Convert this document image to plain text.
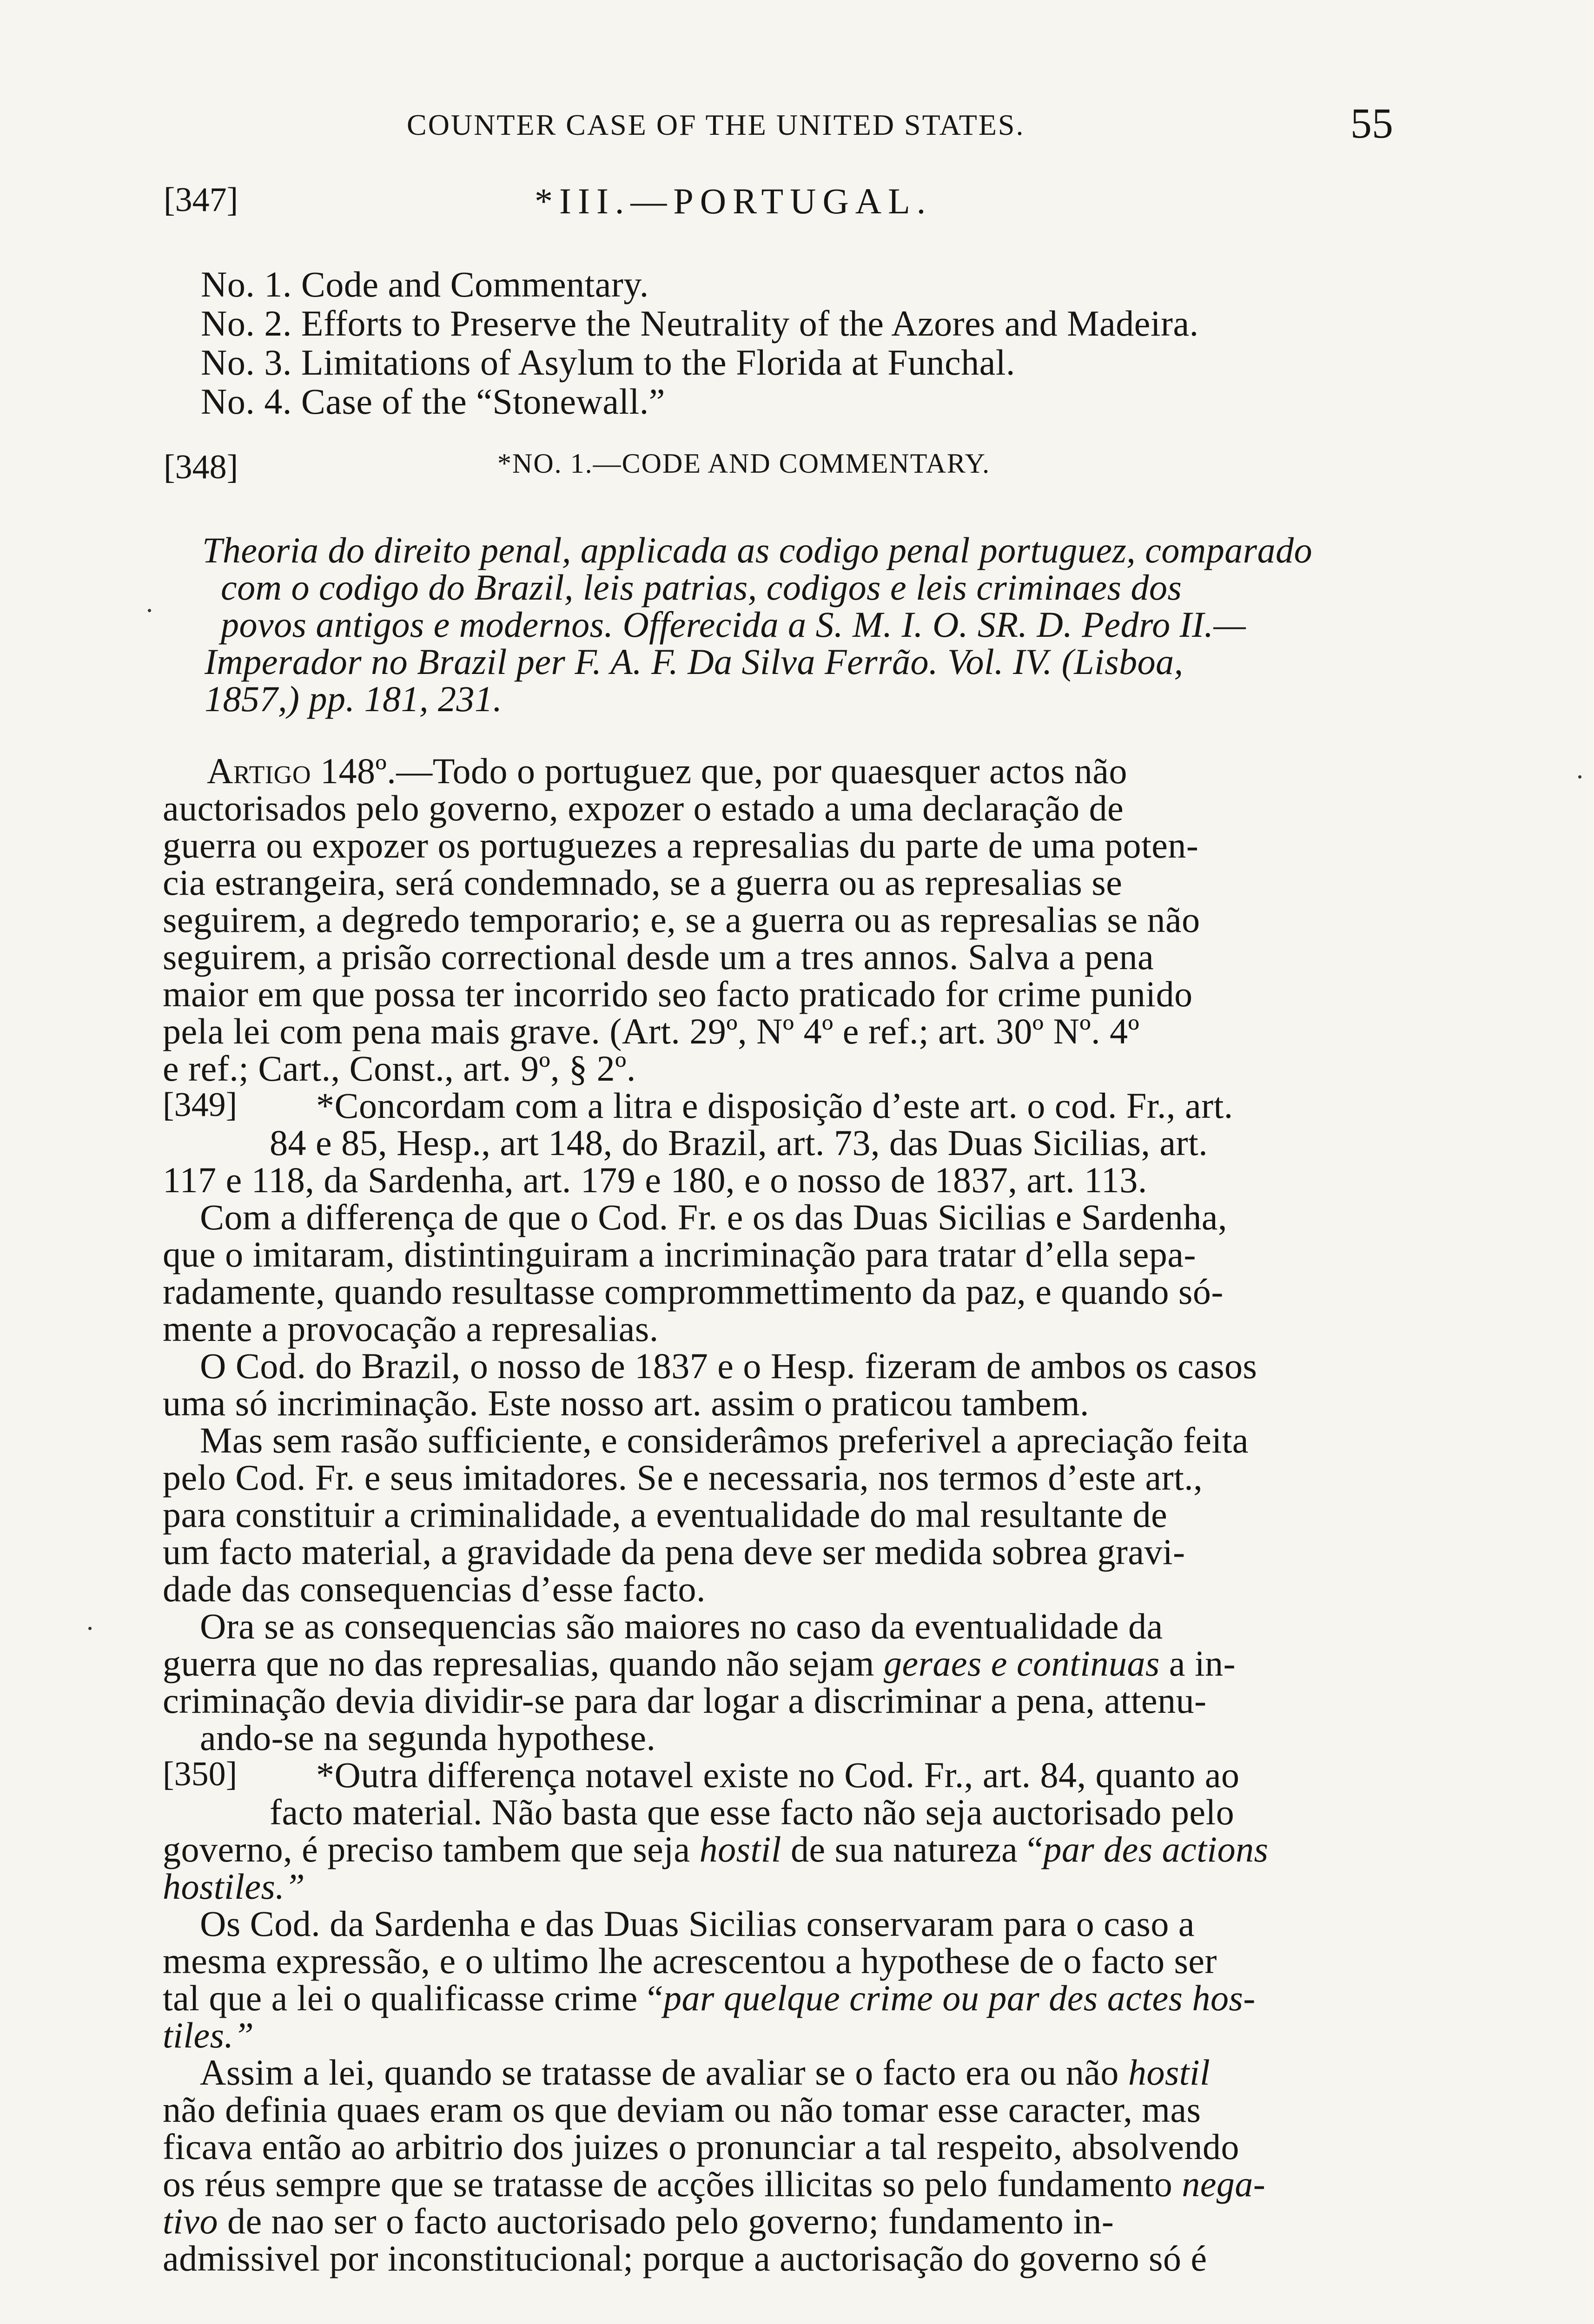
COUNTER CASE OF THE UNITED STATES.	55
[347]	*III.—PORTUGAL.
No. 1. Code and Commentary.
No. 2. Efforts to Preserve the Neutrality of the Azores and Madeira.
No. 3. Limitations of Asylum to the Florida at Funchal.
No. 4. Case of the “Stonewall.”
[348]	*NO. 1.—CODE AND COMMENTARY.
Theoria do direito penal, applicada as codigo penal portuguez, comparado
com o codigo do Brazil, leis patrias, codigos e leis criminaes dos
povos antigos e modernos. Offerecida a S. M. I. O. SR. D. Pedro II.—
Imperador no Brazil per F. A. F. Da Silva Ferrão. Vol. IV. (Lisboa,
1857,) pp. 181, 231.
Artigo 148º.—Todo o portuguez que, por quaesquer actos não
auctorisados pelo governo, expozer o estado a uma declaração de
guerra ou expozer os portuguezes a represalias du parte de uma poten-
cia estrangeira, será condemnado, se a guerra ou as represalias se
seguirem, a degredo temporario; e, se a guerra ou as represalias se não
seguirem, a prisão correctional desde um a tres annos. Salva a pena
maior em que possa ter incorrido seo facto praticado for crime punido
pela lei com pena mais grave. (Art. 29º, Nº 4º e ref.; art. 30º Nº. 4º
e ref.; Cart., Const., art. 9º, § 2º.
[349] *Concordam com a litra e disposição d’este art. o cod. Fr., art.
84 e 85, Hesp., art 148, do Brazil, art. 73, das Duas Sicilias, art.
117 e 118, da Sardenha, art. 179 e 180, e o nosso de 1837, art. 113.
Com a differença de que o Cod. Fr. e os das Duas Sicilias e Sardenha,
que o imitaram, distintinguiram a incriminação para tratar d’ella sepa-
radamente, quando resultasse comprommettimento da paz, e quando só-
mente a provocação a represalias.
O Cod. do Brazil, o nosso de 1837 e o Hesp. fizeram de ambos os casos
uma só incriminação. Este nosso art. assim o praticou tambem.
Mas sem rasão sufficiente, e considerâmos preferivel a apreciação feita
pelo Cod. Fr. e seus imitadores. Se e necessaria, nos termos d’este art.,
para constituir a criminalidade, a eventualidade do mal resultante de
um facto material, a gravidade da pena deve ser medida sobrea gravi-
dade das consequencias d’esse facto.
Ora se as consequencias são maiores no caso da eventualidade da
guerra que no das represalias, quando não sejam geraes e continuas a in-
criminação devia dividir-se para dar logar a discriminar a pena, attenu-
ando-se na segunda hypothese.
[350] *Outra differença notavel existe no Cod. Fr., art. 84, quanto ao
facto material. Não basta que esse facto não seja auctorisado pelo
governo, é preciso tambem que seja hostil de sua natureza “par des actions
hostiles.”
Os Cod. da Sardenha e das Duas Sicilias conservaram para o caso a
mesma expressão, e o ultimo lhe acrescentou a hypothese de o facto ser
tal que a lei o qualificasse crime “par quelque crime ou par des actes hos-
tiles.”
Assim a lei, quando se tratasse de avaliar se o facto era ou não hostil
não definia quaes eram os que deviam ou não tomar esse caracter, mas
ficava então ao arbitrio dos juizes o pronunciar a tal respeito, absolvendo
os réus sempre que se tratasse de acções illicitas so pelo fundamento nega-
tivo de nao ser o facto auctorisado pelo governo; fundamento in-
admissivel por inconstitucional; porque a auctorisação do governo só é
